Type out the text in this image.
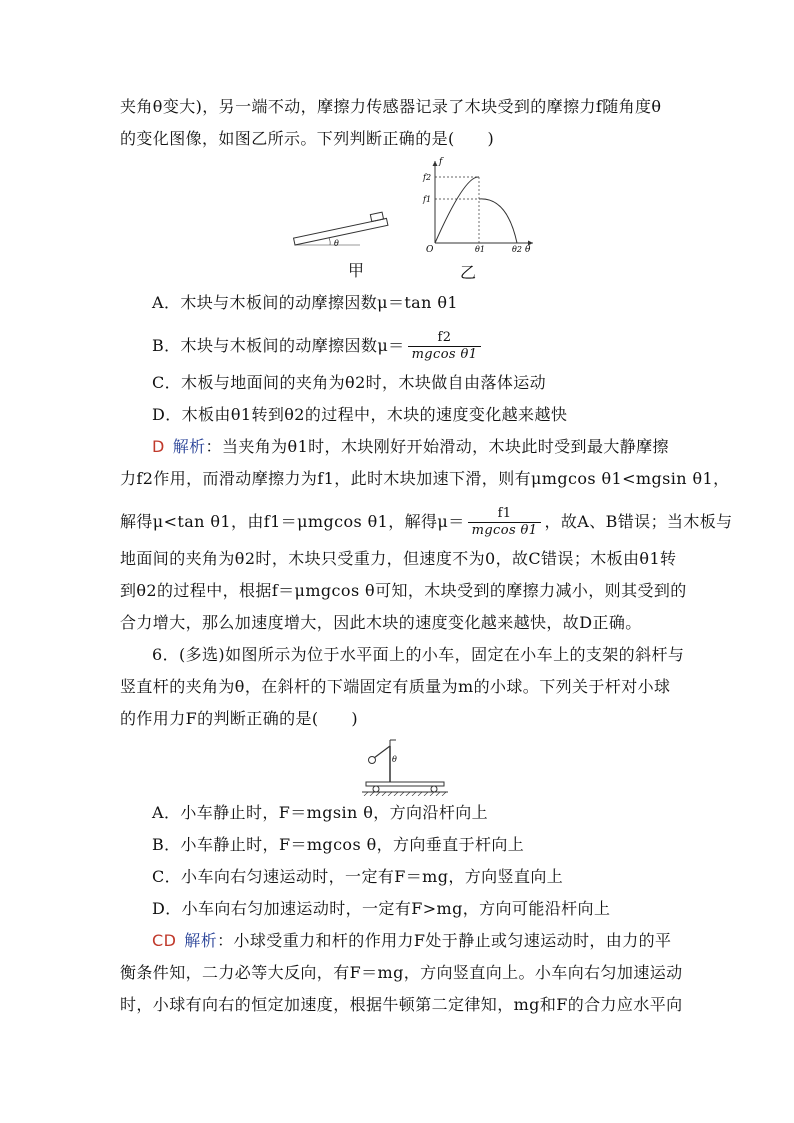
夹角θ变大)，另一端不动，摩擦力传感器记录了木块受到的摩擦力f随角度θ
的变化图像，如图乙所示。下列判断正确的是(　　)
θ
甲
f
f2
f1
O	θ1	θ2 θ
乙
A．木块与木板间的动摩擦因数μ＝tan θ1
B．木块与木板间的动摩擦因数$\mu= \frac{f2}{\text{mgcos θ1}}$
C．木板与地面间的夹角为θ2时，木块做自由落体运动
D．木板由θ1转到θ2的过程中，木块的速度变化越来越快
D 解析：当夹角为θ1时，木块刚好开始滑动，木块此时受到最大静摩擦
力f2作用，而滑动摩擦力为f1，此时木块加速下滑，则有μmgcos θ1<mgsin θ1，
解得μ<tan θ1，由f1＝μmgcos θ1，解得$\mu= \frac{f1}{\text{mgcos θ1}}$ ，故A、B错误；当木板与
地面间的夹角为θ2时，木块只受重力，但速度不为0，故C错误；木板由θ1转
到θ2的过程中，根据f＝μmgcos θ可知，木块受到的摩擦力减小，则其受到的
合力增大，那么加速度增大，因此木块的速度变化越来越快，故D正确。
6．(多选)如图所示为位于水平面上的小车，固定在小车上的支架的斜杆与
竖直杆的夹角为θ，在斜杆的下端固定有质量为m的小球。下列关于杆对小球
的作用力F的判断正确的是(　　)
θ
A．小车静止时，F＝mgsin θ，方向沿杆向上
B．小车静止时，F＝mgcos θ，方向垂直于杆向上
C．小车向右匀速运动时，一定有F＝mg，方向竖直向上
D．小车向右匀加速运动时，一定有F>mg，方向可能沿杆向上
CD 解析：小球受重力和杆的作用力F处于静止或匀速运动时，由力的平
衡条件知，二力必等大反向，有F＝mg，方向竖直向上。小车向右匀加速运动
时，小球有向右的恒定加速度，根据牛顿第二定律知，mg和F的合力应水平向
